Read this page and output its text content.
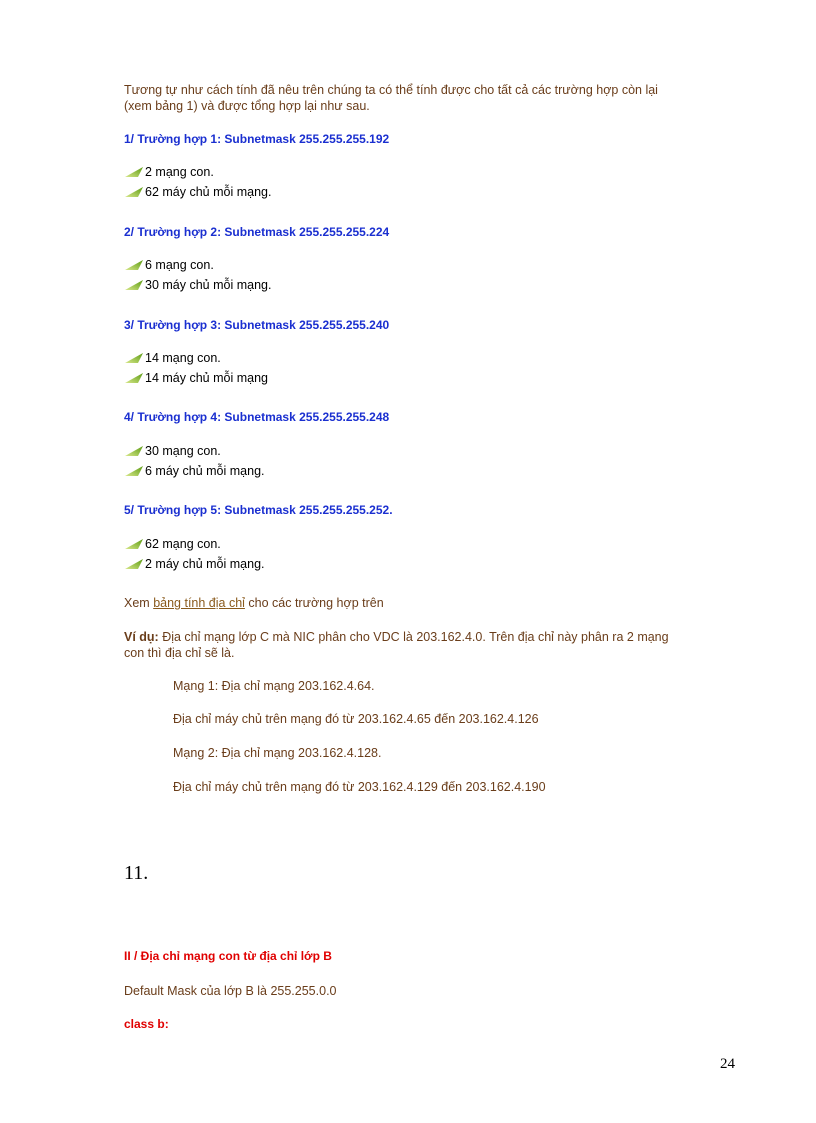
Tương tự như cách tính đã nêu trên chúng ta có thể tính được cho tất cả các trường hợp còn lại
(xem bảng 1) và được tổng hợp lại như sau.
1/ Trường hợp 1: Subnetmask 255.255.255.192
2 mạng con.
62 máy chủ mỗi mạng.
2/ Trường hợp 2: Subnetmask 255.255.255.224
6 mạng con.
30 máy chủ mỗi mạng.
3/ Trường hợp 3: Subnetmask 255.255.255.240
14 mạng con.
14 máy chủ mỗi mạng
4/ Trường hợp 4: Subnetmask 255.255.255.248
30 mạng con.
6 máy chủ mỗi mạng.
5/ Trường hợp 5: Subnetmask 255.255.255.252.
62 mạng con.
2 máy chủ mỗi mạng.
Xem bảng tính địa chỉ cho các trường hợp trên
Ví dụ: Địa chỉ mạng lớp C mà NIC phân cho VDC là 203.162.4.0. Trên địa chỉ này phân ra 2 mạng
con thì địa chỉ sẽ là.
Mạng 1: Địa chỉ mạng 203.162.4.64.
Địa chỉ máy chủ trên mạng đó từ 203.162.4.65 đến 203.162.4.126
Mạng 2: Địa chỉ mạng 203.162.4.128.
Địa chỉ máy chủ trên mạng đó từ 203.162.4.129 đến 203.162.4.190
11.
II / Địa chỉ mạng con từ địa chỉ lớp B
Default Mask của lớp B là 255.255.0.0
class b:
24
